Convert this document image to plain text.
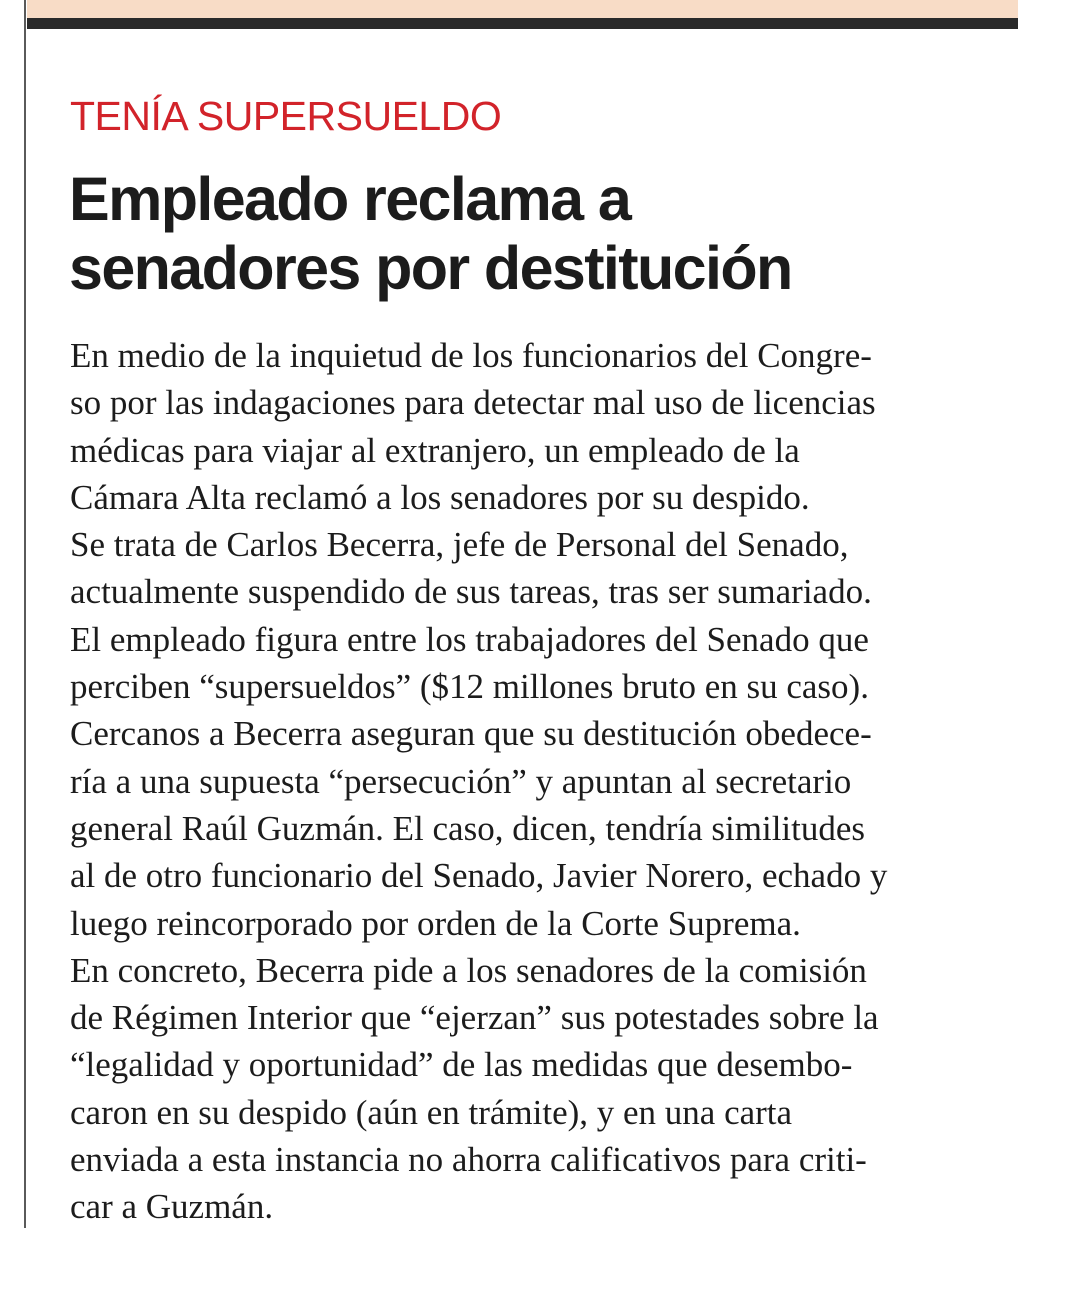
TENÍA SUPERSUELDO
Empleado reclama a
senadores por destitución
En medio de la inquietud de los funcionarios del Congre-
so por las indagaciones para detectar mal uso de licencias
médicas para viajar al extranjero, un empleado de la
Cámara Alta reclamó a los senadores por su despido.
Se trata de Carlos Becerra, jefe de Personal del Senado,
actualmente suspendido de sus tareas, tras ser sumariado.
El empleado figura entre los trabajadores del Senado que
perciben “supersueldos” ($12 millones bruto en su caso).
Cercanos a Becerra aseguran que su destitución obedece-
ría a una supuesta “persecución” y apuntan al secretario
general Raúl Guzmán. El caso, dicen, tendría similitudes
al de otro funcionario del Senado, Javier Norero, echado y
luego reincorporado por orden de la Corte Suprema.
En concreto, Becerra pide a los senadores de la comisión
de Régimen Interior que “ejerzan” sus potestades sobre la
“legalidad y oportunidad” de las medidas que desembo-
caron en su despido (aún en trámite), y en una carta
enviada a esta instancia no ahorra calificativos para criti-
car a Guzmán.
